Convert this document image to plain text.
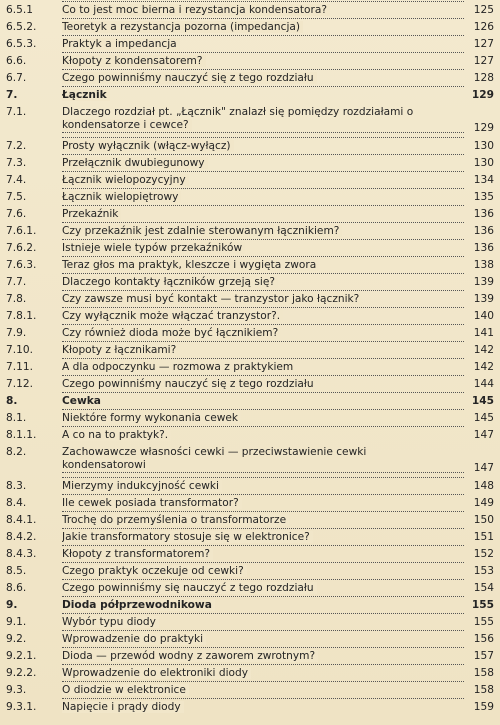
6.5.1	Co to jest moc bierna i rezystancja kondensatora?	125
6.5.2.	Teoretyk a rezystancja pozorna (impedancja)	126
6.5.3.	Praktyk a impedancja	127
6.6.	Kłopoty z kondensatorem?	127
6.7.	Czego powinniśmy nauczyć się z tego rozdziału	128
7.	Łącznik	129
7.1.	Dlaczego rozdział pt. „Łącznik" znalazł się pomiędzy rozdziałami o
kondensatorze i cewce?	129
7.2.	Prosty wyłącznik (włącz-wyłącz)	130
7.3.	Przełącznik dwubiegunowy	130
7.4.	Łącznik wielopozycyjny	134
7.5.	Łącznik wielopiętrowy	135
7.6.	Przekaźnik	136
7.6.1.	Czy przekaźnik jest zdalnie sterowanym łącznikiem?	136
7.6.2.	Istnieje wiele typów przekaźników	136
7.6.3.	Teraz głos ma praktyk, kleszcze i wygięta zwora	138
7.7.	Dlaczego kontakty łączników grzeją się?	139
7.8.	Czy zawsze musi być kontakt — tranzystor jako łącznik?	139
7.8.1.	Czy wyłącznik może włączać tranzystor?.	140
7.9.	Czy również dioda może być łącznikiem?	141
7.10.	Kłopoty z łącznikami?	142
7.11.	A dla odpoczynku — rozmowa z praktykiem	142
7.12.	Czego powinniśmy nauczyć się z tego rozdziału	144
8.	Cewka	145
8.1.	Niektóre formy wykonania cewek	145
8.1.1.	A co na to praktyk?.	147
8.2.	Zachowawcze własności cewki — przeciwstawienie cewki
kondensatorowi	147
8.3.	Mierzymy indukcyjność cewki	148
8.4.	Ile cewek posiada transformator?	149
8.4.1.	Trochę do przemyślenia o transformatorze	150
8.4.2.	Jakie transformatory stosuje się w elektronice?	151
8.4.3.	Kłopoty z transformatorem?	152
8.5.	Czego praktyk oczekuje od cewki?	153
8.6.	Czego powinniśmy się nauczyć z tego rozdziału	154
9.	Dioda półprzewodnikowa	155
9.1.	Wybór typu diody	155
9.2.	Wprowadzenie do praktyki	156
9.2.1.	Dioda — przewód wodny z zaworem zwrotnym?	157
9.2.2.	Wprowadzenie do elektroniki diody	158
9.3.	O diodzie w elektronice	158
9.3.1.	Napięcie i prądy diody	159
